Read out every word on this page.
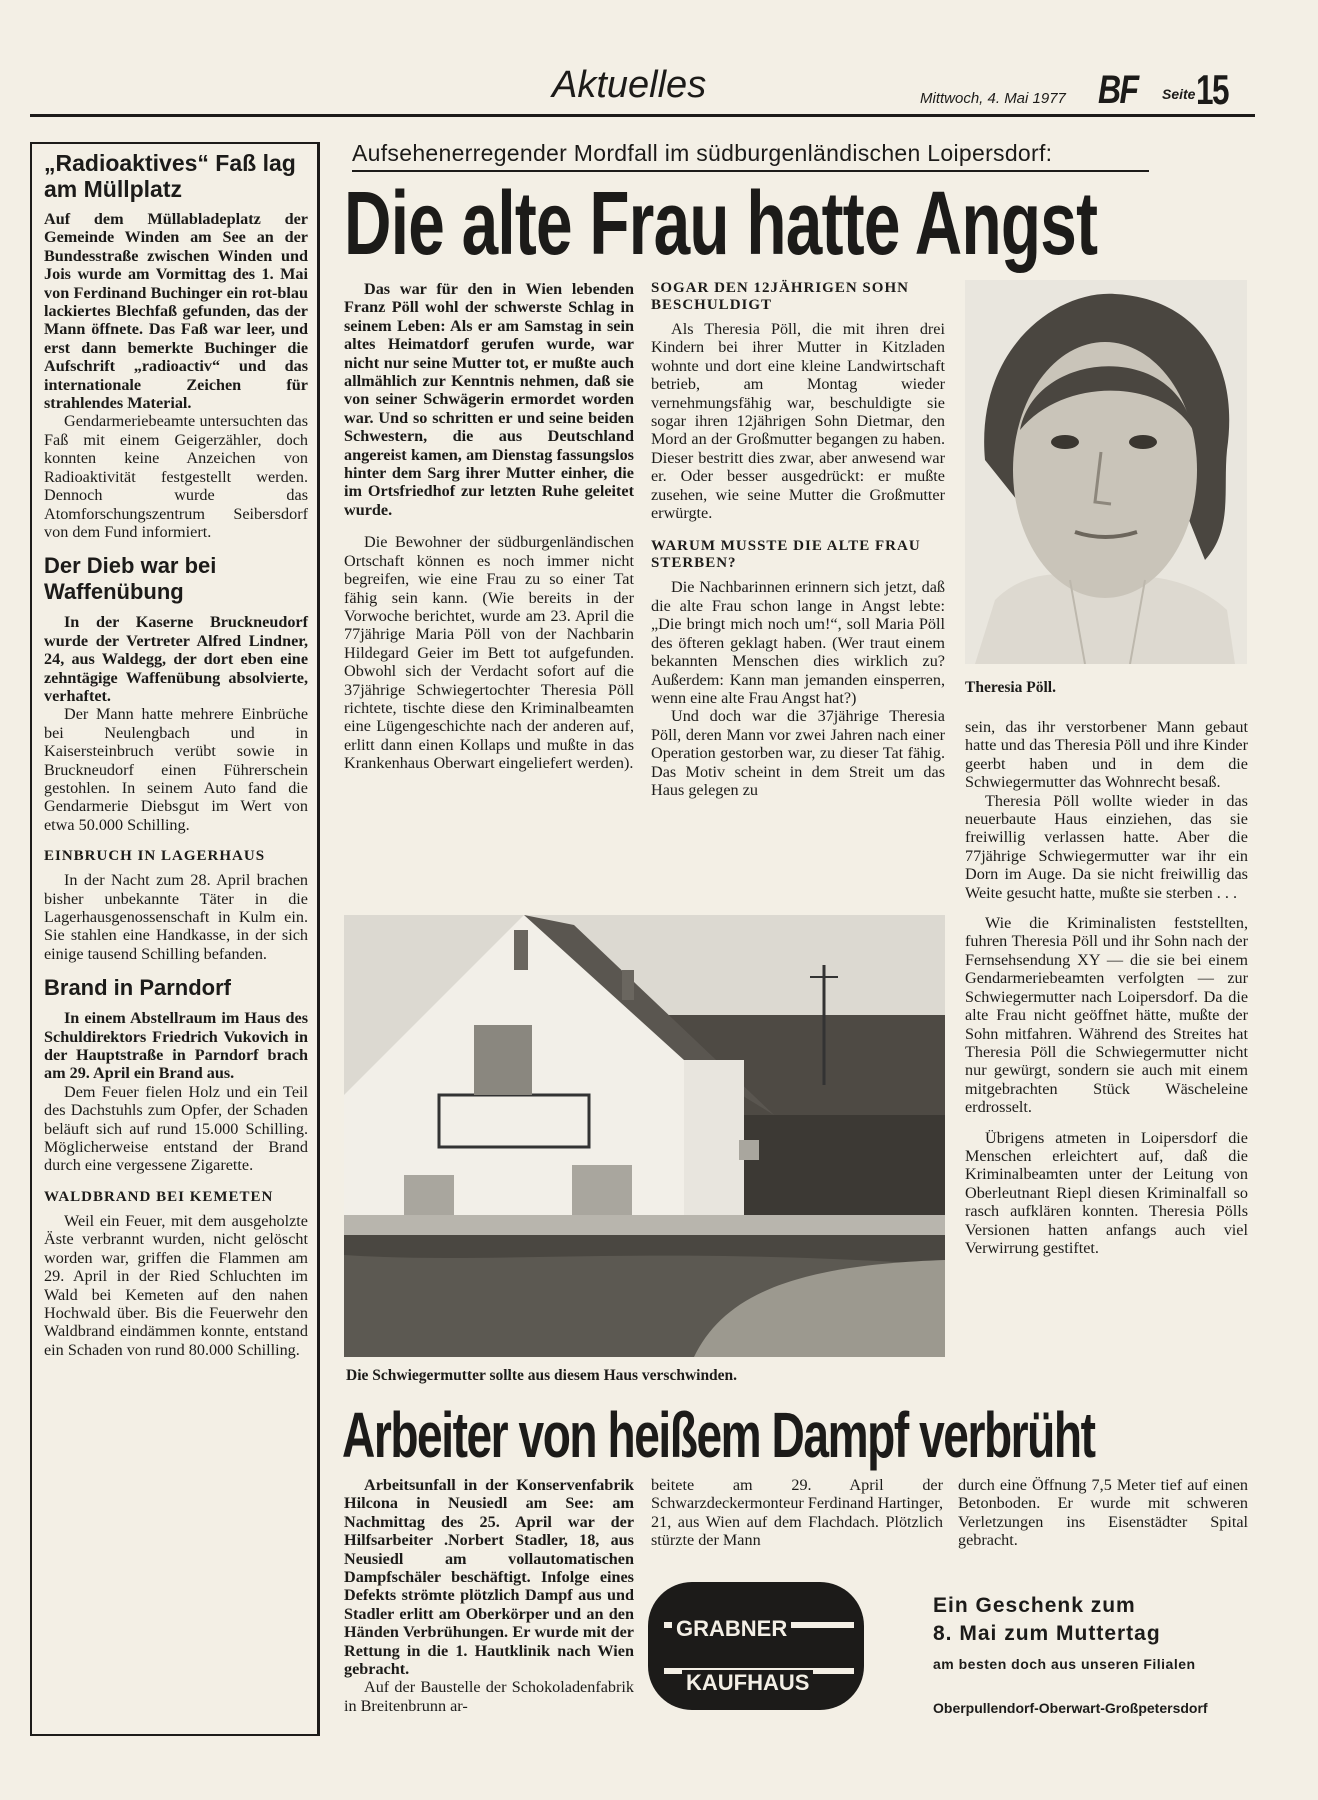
Aktuelles	Mittwoch, 4. Mai 1977 BF Seite 15
„Radioaktives“ Faß lag am Müllplatz

Auf dem Müllabladeplatz der Gemeinde Winden am See an der Bundesstraße zwischen Winden und Jois wurde am Vormittag des 1. Mai von Ferdinand Buchinger ein rot-blau lackiertes Blechfaß gefunden, das der Mann öffnete. Das Faß war leer, und erst dann bemerkte Buchinger die Aufschrift „radioactiv“ und das internationale Zeichen für strahlendes Material.

Gendarmeriebeamte untersuchten das Faß mit einem Geigerzähler, doch konnten keine Anzeichen von Radioaktivität festgestellt werden. Dennoch wurde das Atomforschungszentrum Seibersdorf von dem Fund informiert.

Der Dieb war bei Waffenübung

In der Kaserne Bruckneudorf wurde der Vertreter Alfred Lindner, 24, aus Waldegg, der dort eben eine zehntägige Waffenübung absolvierte, verhaftet.

Der Mann hatte mehrere Einbrüche bei Neulengbach und in Kaisersteinbruch verübt sowie in Bruckneudorf einen Führerschein gestohlen. In seinem Auto fand die Gendarmerie Diebsgut im Wert von etwa 50.000 Schilling.

EINBRUCH IN LAGERHAUS

In der Nacht zum 28. April brachen bisher unbekannte Täter in die Lagerhausgenossenschaft in Kulm ein. Sie stahlen eine Handkasse, in der sich einige tausend Schilling befanden.

Brand in Parndorf

In einem Abstellraum im Haus des Schuldirektors Friedrich Vukovich in der Hauptstraße in Parndorf brach am 29. April ein Brand aus.

Dem Feuer fielen Holz und ein Teil des Dachstuhls zum Opfer, der Schaden beläuft sich auf rund 15.000 Schilling. Möglicherweise entstand der Brand durch eine vergessene Zigarette.

WALDBRAND BEI KEMETEN

Weil ein Feuer, mit dem ausgeholzte Äste verbrannt wurden, nicht gelöscht worden war, griffen die Flammen am 29. April in der Ried Schluchten im Wald bei Kemeten auf den nahen Hochwald über. Bis die Feuerwehr den Waldbrand eindämmen konnte, entstand ein Schaden von rund 80.000 Schilling.

Aufsehenerregender Mordfall im südburgenländischen Loipersdorf:
Die alte Frau hatte Angst

Das war für den in Wien lebenden Franz Pöll wohl der schwerste Schlag in seinem Leben: Als er am Samstag in sein altes Heimatdorf gerufen wurde, war nicht nur seine Mutter tot, er mußte auch allmählich zur Kenntnis nehmen, daß sie von seiner Schwägerin ermordet worden war. Und so schritten er und seine beiden Schwestern, die aus Deutschland angereist kamen, am Dienstag fassungslos hinter dem Sarg ihrer Mutter einher, die im Ortsfriedhof zur letzten Ruhe geleitet wurde.

Die Bewohner der südburgenländischen Ortschaft können es noch immer nicht begreifen, wie eine Frau zu so einer Tat fähig sein kann. (Wie bereits in der Vorwoche berichtet, wurde am 23. April die 77jährige Maria Pöll von der Nachbarin Hildegard Geier im Bett tot aufgefunden. Obwohl sich der Verdacht sofort auf die 37jährige Schwiegertochter Theresia Pöll richtete, tischte diese den Kriminalbeamten eine Lügengeschichte nach der anderen auf, erlitt dann einen Kollaps und mußte in das Krankenhaus Oberwart eingeliefert werden).

SOGAR DEN 12JÄHRIGEN SOHN BESCHULDIGT

Als Theresia Pöll, die mit ihren drei Kindern bei ihrer Mutter in Kitzladen wohnte und dort eine kleine Landwirtschaft betrieb, am Montag wieder vernehmungsfähig war, beschuldigte sie sogar ihren 12jährigen Sohn Dietmar, den Mord an der Großmutter begangen zu haben. Dieser bestritt dies zwar, aber anwesend war er. Oder besser ausgedrückt: er mußte zusehen, wie seine Mutter die Großmutter erwürgte.

WARUM MUSSTE DIE ALTE FRAU STERBEN?

Die Nachbarinnen erinnern sich jetzt, daß die alte Frau schon lange in Angst lebte: „Die bringt mich noch um!“, soll Maria Pöll des öfteren geklagt haben. (Wer traut einem bekannten Menschen dies wirklich zu? Außerdem: Kann man jemanden einsperren, wenn eine alte Frau Angst hat?)

Und doch war die 37jährige Theresia Pöll, deren Mann vor zwei Jahren nach einer Operation gestorben war, zu dieser Tat fähig. Das Motiv scheint in dem Streit um das Haus gelegen zu

Theresia Pöll.

sein, das ihr verstorbener Mann gebaut hatte und das Theresia Pöll und ihre Kinder geerbt haben und in dem die Schwiegermutter das Wohnrecht besaß.

Theresia Pöll wollte wieder in das neuerbaute Haus einziehen, das sie freiwillig verlassen hatte. Aber die 77jährige Schwiegermutter war ihr ein Dorn im Auge. Da sie nicht freiwillig das Weite gesucht hatte, mußte sie sterben . . .

Wie die Kriminalisten feststellten, fuhren Theresia Pöll und ihr Sohn nach der Fernsehsendung XY — die sie bei einem Gendarmeriebeamten verfolgten — zur Schwiegermutter nach Loipersdorf. Da die alte Frau nicht geöffnet hätte, mußte der Sohn mitfahren. Während des Streites hat Theresia Pöll die Schwiegermutter nicht nur gewürgt, sondern sie auch mit einem mitgebrachten Stück Wäscheleine erdrosselt.

Übrigens atmeten in Loipersdorf die Menschen erleichtert auf, daß die Kriminalbeamten unter der Leitung von Oberleutnant Riepl diesen Kriminalfall so rasch aufklären konnten. Theresia Pölls Versionen hatten anfangs auch viel Verwirrung gestiftet.

Die Schwiegermutter sollte aus diesem Haus verschwinden.
Arbeiter von heißem Dampf verbrüht

Arbeitsunfall in der Konservenfabrik Hilcona in Neusiedl am See: am Nachmittag des 25. April war der Hilfsarbeiter .Norbert Stadler, 18, aus Neusiedl am vollautomatischen Dampfschäler beschäftigt. Infolge eines Defekts strömte plötzlich Dampf aus und Stadler erlitt am Oberkörper und an den Händen Verbrühungen. Er wurde mit der Rettung in die 1. Hautklinik nach Wien gebracht.

Auf der Baustelle der Schokoladenfabrik in Breitenbrunn ar-

beitete am 29. April der Schwarzdeckermonteur Ferdinand Hartinger, 21, aus Wien auf dem Flachdach. Plötzlich stürzte der Mann

durch eine Öffnung 7,5 Meter tief auf einen Betonboden. Er wurde mit schweren Verletzungen ins Eisenstädter Spital gebracht.

GRABNER
KAUFHAUS
Ein Geschenk zum
8. Mai zum Muttertag
am besten doch aus unseren Filialen
Oberpullendorf-Oberwart-Großpetersdorf
